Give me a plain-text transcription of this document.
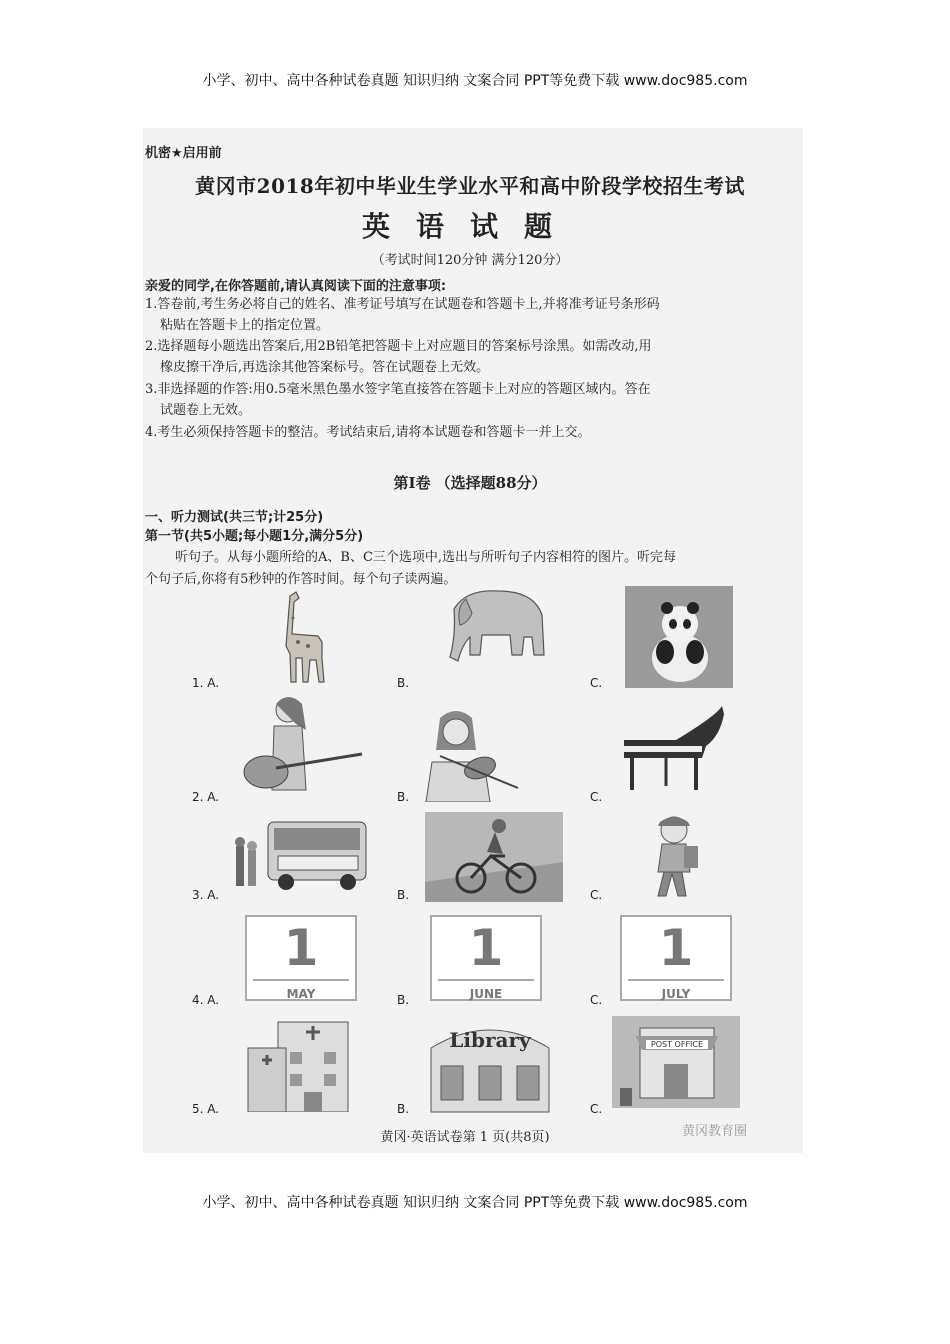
小学、初中、高中各种试卷真题 知识归纳 文案合同 PPT等免费下载 www.doc985.com
机密★启用前
黄冈市2018年初中毕业生学业水平和高中阶段学校招生考试
英语试题
（考试时间120分钟 满分120分）
亲爱的同学,在你答题前,请认真阅读下面的注意事项:
1.答卷前,考生务必将自己的姓名、准考证号填写在试题卷和答题卡上,并将准考证号条形码
粘贴在答题卡上的指定位置。
2.选择题每小题选出答案后,用2B铅笔把答题卡上对应题目的答案标号涂黑。如需改动,用
橡皮擦干净后,再选涂其他答案标号。答在试题卷上无效。
3.非选择题的作答:用0.5毫米黑色墨水签字笔直接答在答题卡上对应的答题区域内。答在
试题卷上无效。
4.考生必须保持答题卡的整洁。考试结束后,请将本试题卷和答题卡一并上交。
第Ⅰ卷 （选择题88分）
一、听力测试(共三节;计25分)
第一节(共5小题;每小题1分,满分5分)
听句子。从每小题所给的A、B、C三个选项中,选出与所听句子内容相符的图片。听完每
个句子后,你将有5秒钟的作答时间。每个句子读两遍。
1. A.	B.	C.
2. A.	B.	C.
3. A.	B.	C.
4. A.	B.	C.
1
MAY
1
JUNE
1
JULY
5. A.	B.	C.
Library	POST OFFICE
黄冈·英语试卷第 1 页(共8页)	黄冈教育圈
小学、初中、高中各种试卷真题 知识归纳 文案合同 PPT等免费下载 www.doc985.com
